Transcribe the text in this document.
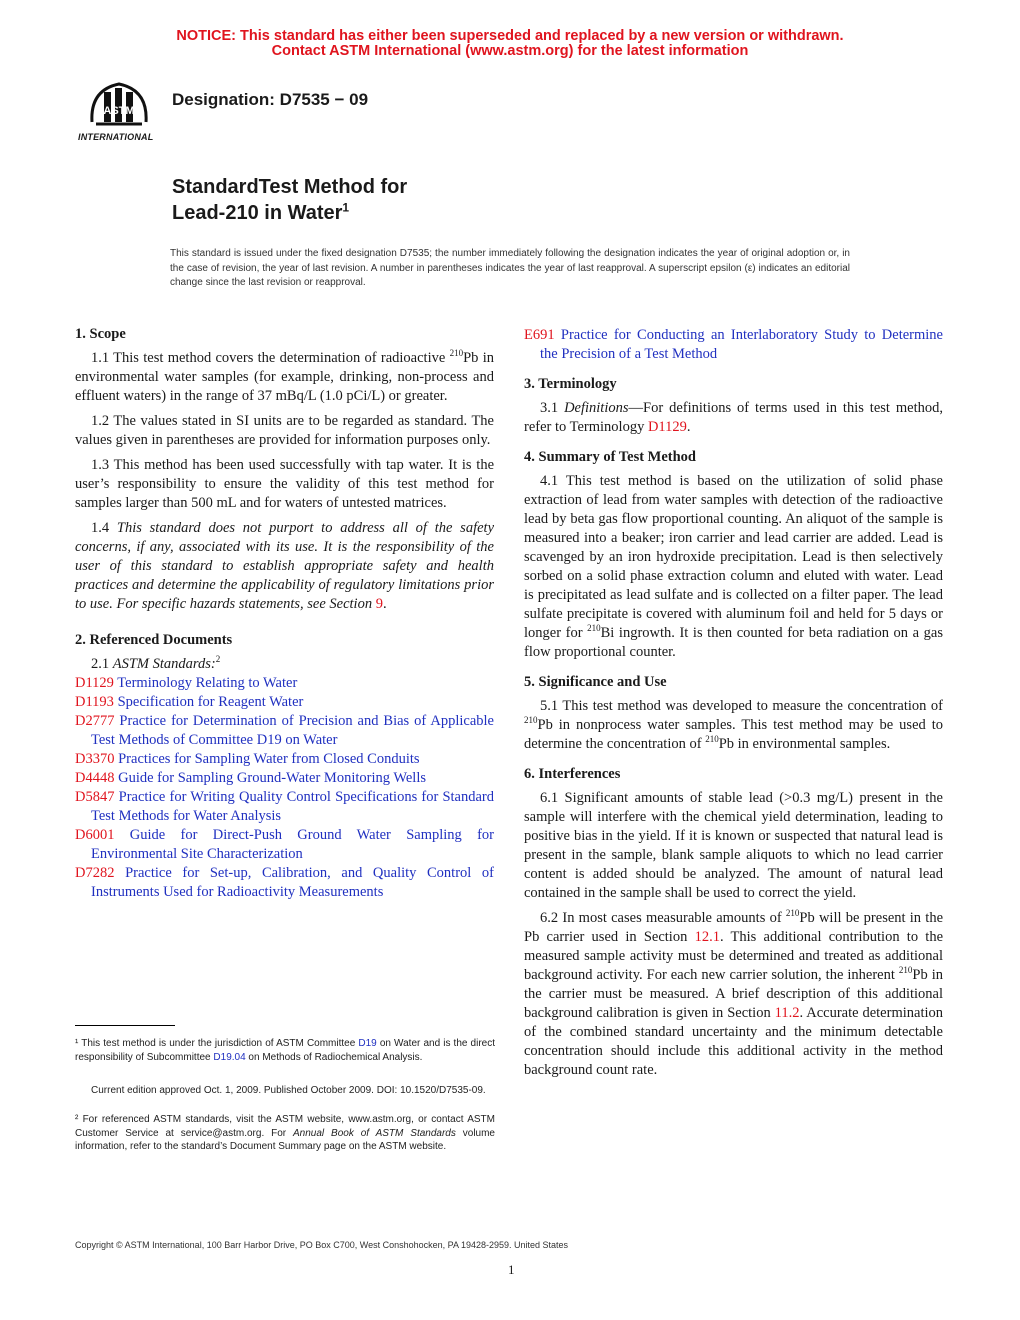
NOTICE: This standard has either been superseded and replaced by a new version or withdrawn.
Contact ASTM International (www.astm.org) for the latest information
ASTM
INTERNATIONAL
Designation: D7535 − 09
StandardTest Method for
Lead-210 in Water$^1$
This standard is issued under the fixed designation D7535; the number immediately following the designation indicates the year of original adoption or, in the case of revision, the year of last revision. A number in parentheses indicates the year of last reapproval. A superscript epsilon (ε) indicates an editorial change since the last revision or reapproval.
1. Scope
1.1 This test method covers the determination of radioactive $^{210}$Pb in environmental water samples (for example, drinking, non-process and effluent waters) in the range of 37 mBq/L (1.0 pCi/L) or greater.
1.2 The values stated in SI units are to be regarded as standard. The values given in parentheses are provided for information purposes only.
1.3 This method has been used successfully with tap water. It is the user’s responsibility to ensure the validity of this test method for samples larger than 500 mL and for waters of untested matrices.
1.4 This standard does not purport to address all of the safety concerns, if any, associated with its use. It is the responsibility of the user of this standard to establish appropriate safety and health practices and determine the applicability of regulatory limitations prior to use. For specific hazards statements, see Section 9.
2. Referenced Documents
2.1 ASTM Standards:$^2$
D1129 Terminology Relating to Water
D1193 Specification for Reagent Water
D2777 Practice for Determination of Precision and Bias of Applicable Test Methods of Committee D19 on Water
D3370 Practices for Sampling Water from Closed Conduits
D4448 Guide for Sampling Ground-Water Monitoring Wells
D5847 Practice for Writing Quality Control Specifications for Standard Test Methods for Water Analysis
D6001 Guide for Direct-Push Ground Water Sampling for Environmental Site Characterization
D7282 Practice for Set-up, Calibration, and Quality Control of Instruments Used for Radioactivity Measurements
¹ This test method is under the jurisdiction of ASTM Committee D19 on Water and is the direct responsibility of Subcommittee D19.04 on Methods of Radiochemical Analysis.
Current edition approved Oct. 1, 2009. Published October 2009. DOI: 10.1520/D7535-09.
² For referenced ASTM standards, visit the ASTM website, www.astm.org, or contact ASTM Customer Service at service@astm.org. For Annual Book of ASTM Standards volume information, refer to the standard’s Document Summary page on the ASTM website.
E691 Practice for Conducting an Interlaboratory Study to Determine the Precision of a Test Method
3. Terminology
3.1 Definitions—For definitions of terms used in this test method, refer to Terminology D1129.
4. Summary of Test Method
4.1 This test method is based on the utilization of solid phase extraction of lead from water samples with detection of the radioactive lead by beta gas flow proportional counting. An aliquot of the sample is measured into a beaker; iron carrier and lead carrier are added. Lead is scavenged by an iron hydroxide precipitation. Lead is then selectively sorbed on a solid phase extraction column and eluted with water. Lead is precipitated as lead sulfate and is collected on a filter paper. The lead sulfate precipitate is covered with aluminum foil and held for 5 days or longer for $^{210}$Bi ingrowth. It is then counted for beta radiation on a gas flow proportional counter.
5. Significance and Use
5.1 This test method was developed to measure the concentration of $^{210}$Pb in nonprocess water samples. This test method may be used to determine the concentration of $^{210}$Pb in environmental samples.
6. Interferences
6.1 Significant amounts of stable lead (>0.3 mg/L) present in the sample will interfere with the chemical yield determination, leading to positive bias in the yield. If it is known or suspected that natural lead is present in the sample, blank sample aliquots to which no lead carrier content is added should be analyzed. The amount of natural lead contained in the sample shall be used to correct the yield.
6.2 In most cases measurable amounts of $^{210}$Pb will be present in the Pb carrier used in Section 12.1. This additional contribution to the measured sample activity must be determined and treated as additional background activity. For each new carrier solution, the inherent $^{210}$Pb in the carrier must be measured. A brief description of this additional background calibration is given in Section 11.2. Accurate determination of the combined standard uncertainty and the minimum detectable concentration should include this additional activity in the method background count rate.
Copyright © ASTM International, 100 Barr Harbor Drive, PO Box C700, West Conshohocken, PA 19428-2959. United States
1
